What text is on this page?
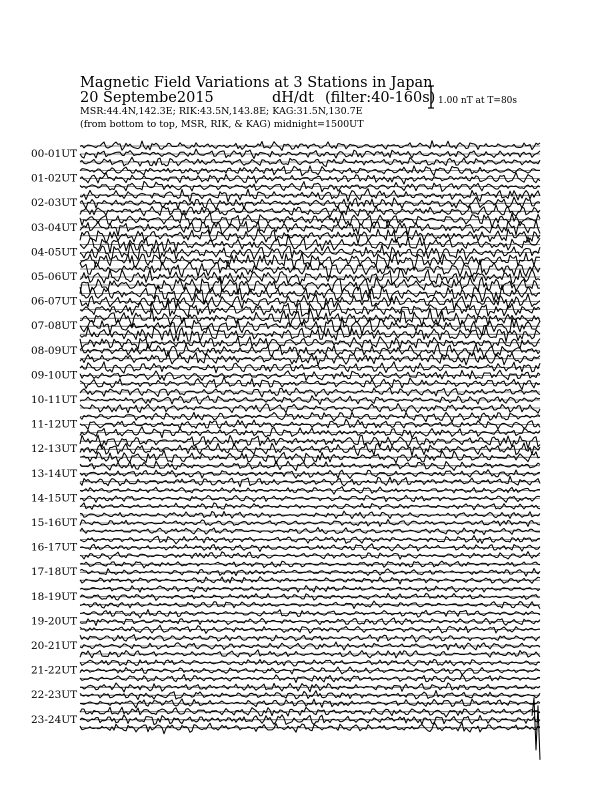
Magnetic Field Variations at 3 Stations in Japan
20 Septembe2015	dH/dt (filter:40-160s)
MSR:44.4N,142.3E; RIK:43.5N,143.8E; KAG:31.5N,130.7E
(from bottom to top, MSR, RIK, & KAG) midnight=1500UT
1.00 nT at T=80s
00-01UT
01-02UT
02-03UT
03-04UT
04-05UT
05-06UT
06-07UT
07-08UT
08-09UT
09-10UT
10-11UT
11-12UT
12-13UT
13-14UT
14-15UT
15-16UT
16-17UT
17-18UT
18-19UT
19-20UT
20-21UT
21-22UT
22-23UT
23-24UT
